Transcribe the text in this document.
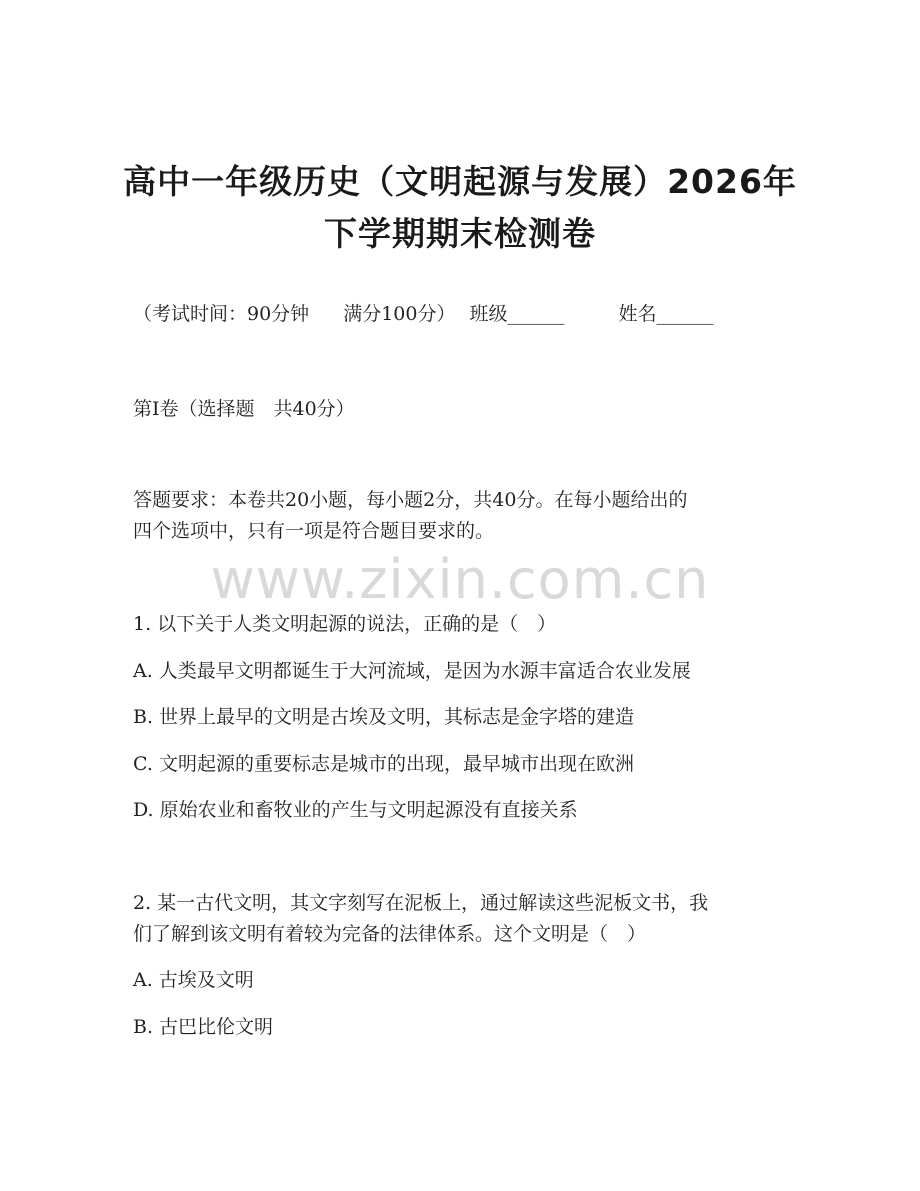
高中一年级历史（文明起源与发展）2026年
下学期期末检测卷
（考试时间：90分钟 满分100分） 班级______	姓名______
第Ⅰ卷（选择题　共40分）
答题要求：本卷共20小题，每小题2分，共40分。在每小题给出的
四个选项中，只有一项是符合题目要求的。
www.zixin.com.cn
1. 以下关于人类文明起源的说法，正确的是（　）
A. 人类最早文明都诞生于大河流域，是因为水源丰富适合农业发展
B. 世界上最早的文明是古埃及文明，其标志是金字塔的建造
C. 文明起源的重要标志是城市的出现，最早城市出现在欧洲
D. 原始农业和畜牧业的产生与文明起源没有直接关系
2. 某一古代文明，其文字刻写在泥板上，通过解读这些泥板文书，我
们了解到该文明有着较为完备的法律体系。这个文明是（　）
A. 古埃及文明
B. 古巴比伦文明
